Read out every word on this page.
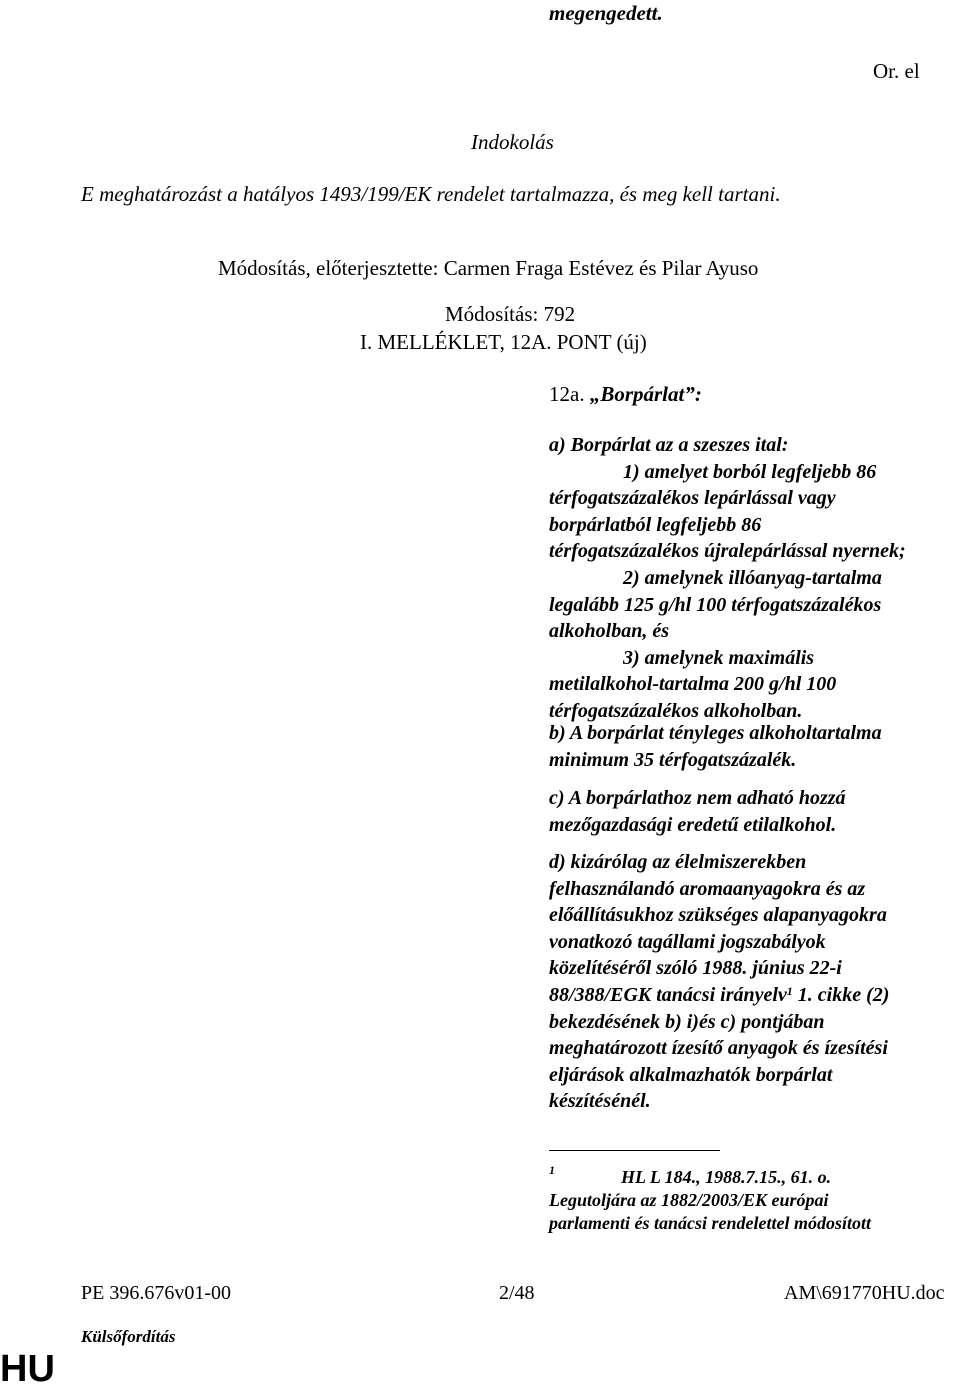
megengedett.
Or. el
Indokolás
E meghatározást a hatályos 1493/199/EK rendelet tartalmazza, és meg kell tartani.
Módosítás, előterjesztette: Carmen Fraga Estévez és Pilar Ayuso
Módosítás: 792
I. MELLÉKLET, 12A. PONT (új)
12a. „Borpárlat”:
a) Borpárlat az a szeszes ital:
1) amelyet borból legfeljebb 86
térfogatszázalékos lepárlással vagy
borpárlatból legfeljebb 86
térfogatszázalékos újralepárlással nyernek;
2) amelynek illóanyag-tartalma
legalább 125 g/hl 100 térfogatszázalékos
alkoholban, és
3) amelynek maximális
metilalkohol-tartalma 200 g/hl 100
térfogatszázalékos alkoholban.
b) A borpárlat tényleges alkoholtartalma
minimum 35 térfogatszázalék.
c) A borpárlathoz nem adható hozzá
mezőgazdasági eredetű etilalkohol.
d) kizárólag az élelmiszerekben
felhasználandó aromaanyagokra és az
előállításukhoz szükséges alapanyagokra
vonatkozó tagállami jogszabályok
közelítéséről szóló 1988. június 22-i
88/388/EGK tanácsi irányelv$^1$ 1. cikke (2)
bekezdésének b) i)és c) pontjában
meghatározott ízesítő anyagok és ízesítési
eljárások alkalmazhatók borpárlat
készítésénél.
1	HL L 184., 1988.7.15., 61. o.
Legutoljára az 1882/2003/EK európai
parlamenti és tanácsi rendelettel módosított
PE 396.676v01-00	2/48	AM\691770HU.doc
Külsőfordítás
HU
